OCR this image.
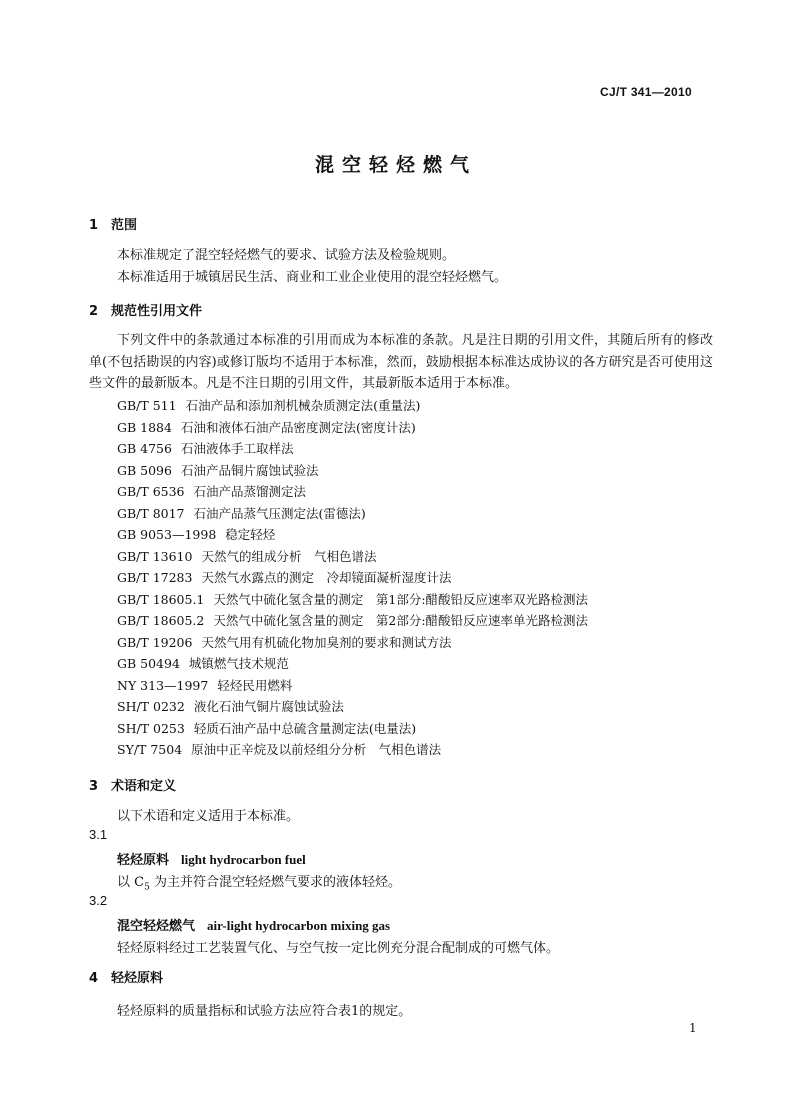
CJ/T 341—2010
混空轻烃燃气
1 范围
本标准规定了混空轻烃燃气的要求、试验方法及检验规则。
本标准适用于城镇居民生活、商业和工业企业使用的混空轻烃燃气。
2 规范性引用文件
下列文件中的条款通过本标准的引用而成为本标准的条款。凡是注日期的引用文件，其随后所有的修改单(不包括勘误的内容)或修订版均不适用于本标准，然而，鼓励根据本标准达成协议的各方研究是否可使用这些文件的最新版本。凡是不注日期的引用文件，其最新版本适用于本标准。
GB/T 511 石油产品和添加剂机械杂质测定法(重量法)
GB 1884 石油和液体石油产品密度测定法(密度计法)
GB 4756 石油液体手工取样法
GB 5096 石油产品铜片腐蚀试验法
GB/T 6536 石油产品蒸馏测定法
GB/T 8017 石油产品蒸气压测定法(雷德法)
GB 9053—1998 稳定轻烃
GB/T 13610 天然气的组成分析　气相色谱法
GB/T 17283 天然气水露点的测定　冷却镜面凝析湿度计法
GB/T 18605.1 天然气中硫化氢含量的测定　第1部分:醋酸铅反应速率双光路检测法
GB/T 18605.2 天然气中硫化氢含量的测定　第2部分:醋酸铅反应速率单光路检测法
GB/T 19206 天然气用有机硫化物加臭剂的要求和测试方法
GB 50494 城镇燃气技术规范
NY 313—1997 轻烃民用燃料
SH/T 0232 液化石油气铜片腐蚀试验法
SH/T 0253 轻质石油产品中总硫含量测定法(电量法)
SY/T 7504 原油中正辛烷及以前烃组分分析　气相色谱法
3 术语和定义
以下术语和定义适用于本标准。
3.1
轻烃原料 light hydrocarbon fuel
以 $C_5$ 为主并符合混空轻烃燃气要求的液体轻烃。
3.2
混空轻烃燃气 air-light hydrocarbon mixing gas
轻烃原料经过工艺装置气化、与空气按一定比例充分混合配制成的可燃气体。
4 轻烃原料
轻烃原料的质量指标和试验方法应符合表1的规定。
1
